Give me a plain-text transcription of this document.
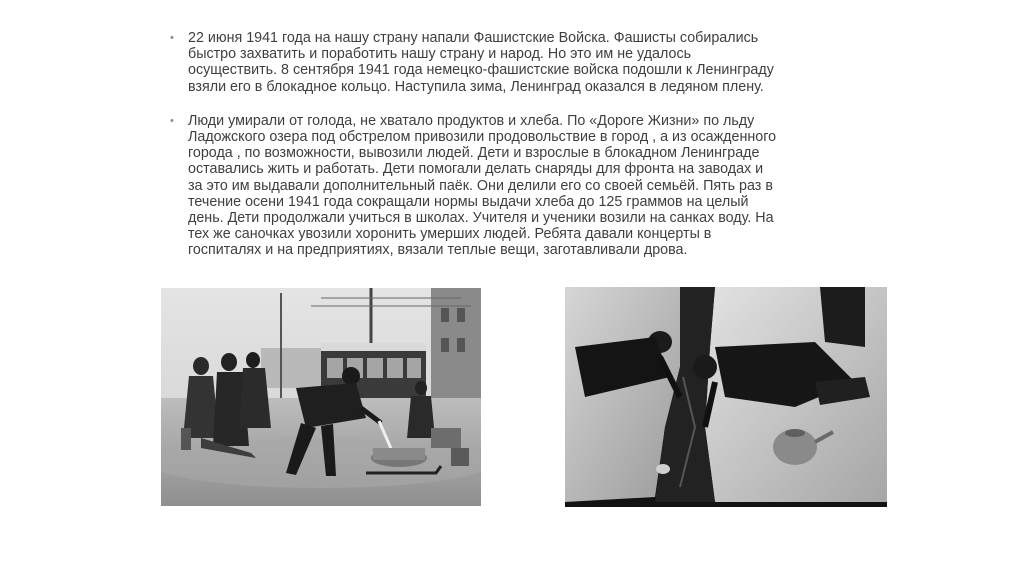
• 22 июня 1941 года на нашу страну напали Фашистские Войска. Фашисты собирались
быстро захватить и поработить нашу страну и народ. Но это им не удалось
осуществить. 8 сентября 1941 года немецко-фашистские войска подошли к Ленинграду
взяли его в блокадное кольцо. Наступила зима, Ленинград оказался в ледяном плену.
• Люди умирали от голода, не хватало продуктов и хлеба. По «Дороге Жизни» по льду
Ладожского озера под обстрелом привозили продовольствие в город , а из осажденного
города , по возможности, вывозили людей. Дети и взрослые в блокадном Ленинграде
оставались жить и работать. Дети помогали делать снаряды для фронта на заводах и
за это им выдавали дополнительный паёк. Они делили его со своей семьёй. Пять раз в
течение осени 1941 года сокращали нормы выдачи хлеба до 125 граммов на целый
день. Дети продолжали учиться в школах. Учителя и ученики возили на санках воду. На
тех же саночках увозили хоронить умерших людей. Ребята давали концерты в
госпиталях и на предприятиях, вязали теплые вещи, заготавливали дрова.
